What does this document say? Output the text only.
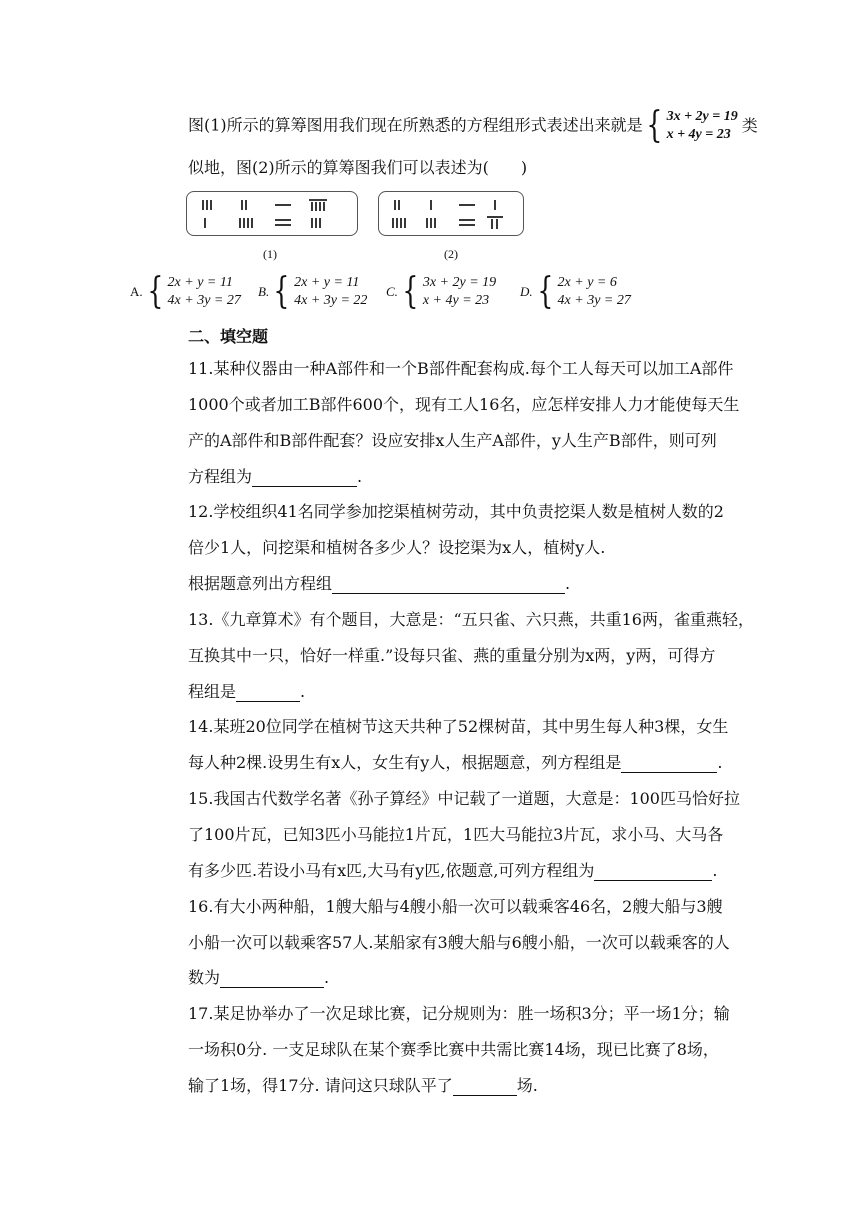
图(1)所示的算筹图用我们现在所熟悉的方程组形式表述出来就是 { 3x + 2y = 19
x + 4y = 23 类
似地，图(2)所示的算筹图我们可以表述为(　　)
(1)	(2)
A. { 2x + y = 11
4x + 3y = 27
B. { 2x + y = 11
4x + 3y = 22
C. { 3x + 2y = 19
x + 4y = 23
D. { 2x + y = 6
4x + 3y = 27
二、填空题
11.某种仪器由一种A部件和一个B部件配套构成.每个工人每天可以加工A部件
1000个或者加工B部件600个，现有工人16名，应怎样安排人力才能使每天生
产的A部件和B部件配套？设应安排x人生产A部件，y人生产B部件，则可列
方程组为	.
12.学校组织41名同学参加挖渠植树劳动，其中负责挖渠人数是植树人数的2
倍少1人，问挖渠和植树各多少人？设挖渠为x人，植树y人.
根据题意列出方程组	.
13.《九章算术》有个题目，大意是：“五只雀、六只燕，共重16两，雀重燕轻，
互换其中一只，恰好一样重.”设每只雀、燕的重量分别为x两，y两，可得方
程组是	.
14.某班20位同学在植树节这天共种了52棵树苗，其中男生每人种3棵，女生
每人种2棵.设男生有x人，女生有y人，根据题意，列方程组是	.
15.我国古代数学名著《孙子算经》中记载了一道题，大意是：100匹马恰好拉
了100片瓦，已知3匹小马能拉1片瓦，1匹大马能拉3片瓦，求小马、大马各
有多少匹.若设小马有x匹,大马有y匹,依题意,可列方程组为	.
16.有大小两种船，1艘大船与4艘小船一次可以载乘客46名，2艘大船与3艘
小船一次可以载乘客57人.某船家有3艘大船与6艘小船，一次可以载乘客的人
数为	.
17.某足协举办了一次足球比赛，记分规则为：胜一场积3分；平一场1分；输
一场积0分. 一支足球队在某个赛季比赛中共需比赛14场，现已比赛了8场，
输了1场，得17分. 请问这只球队平了	场.
